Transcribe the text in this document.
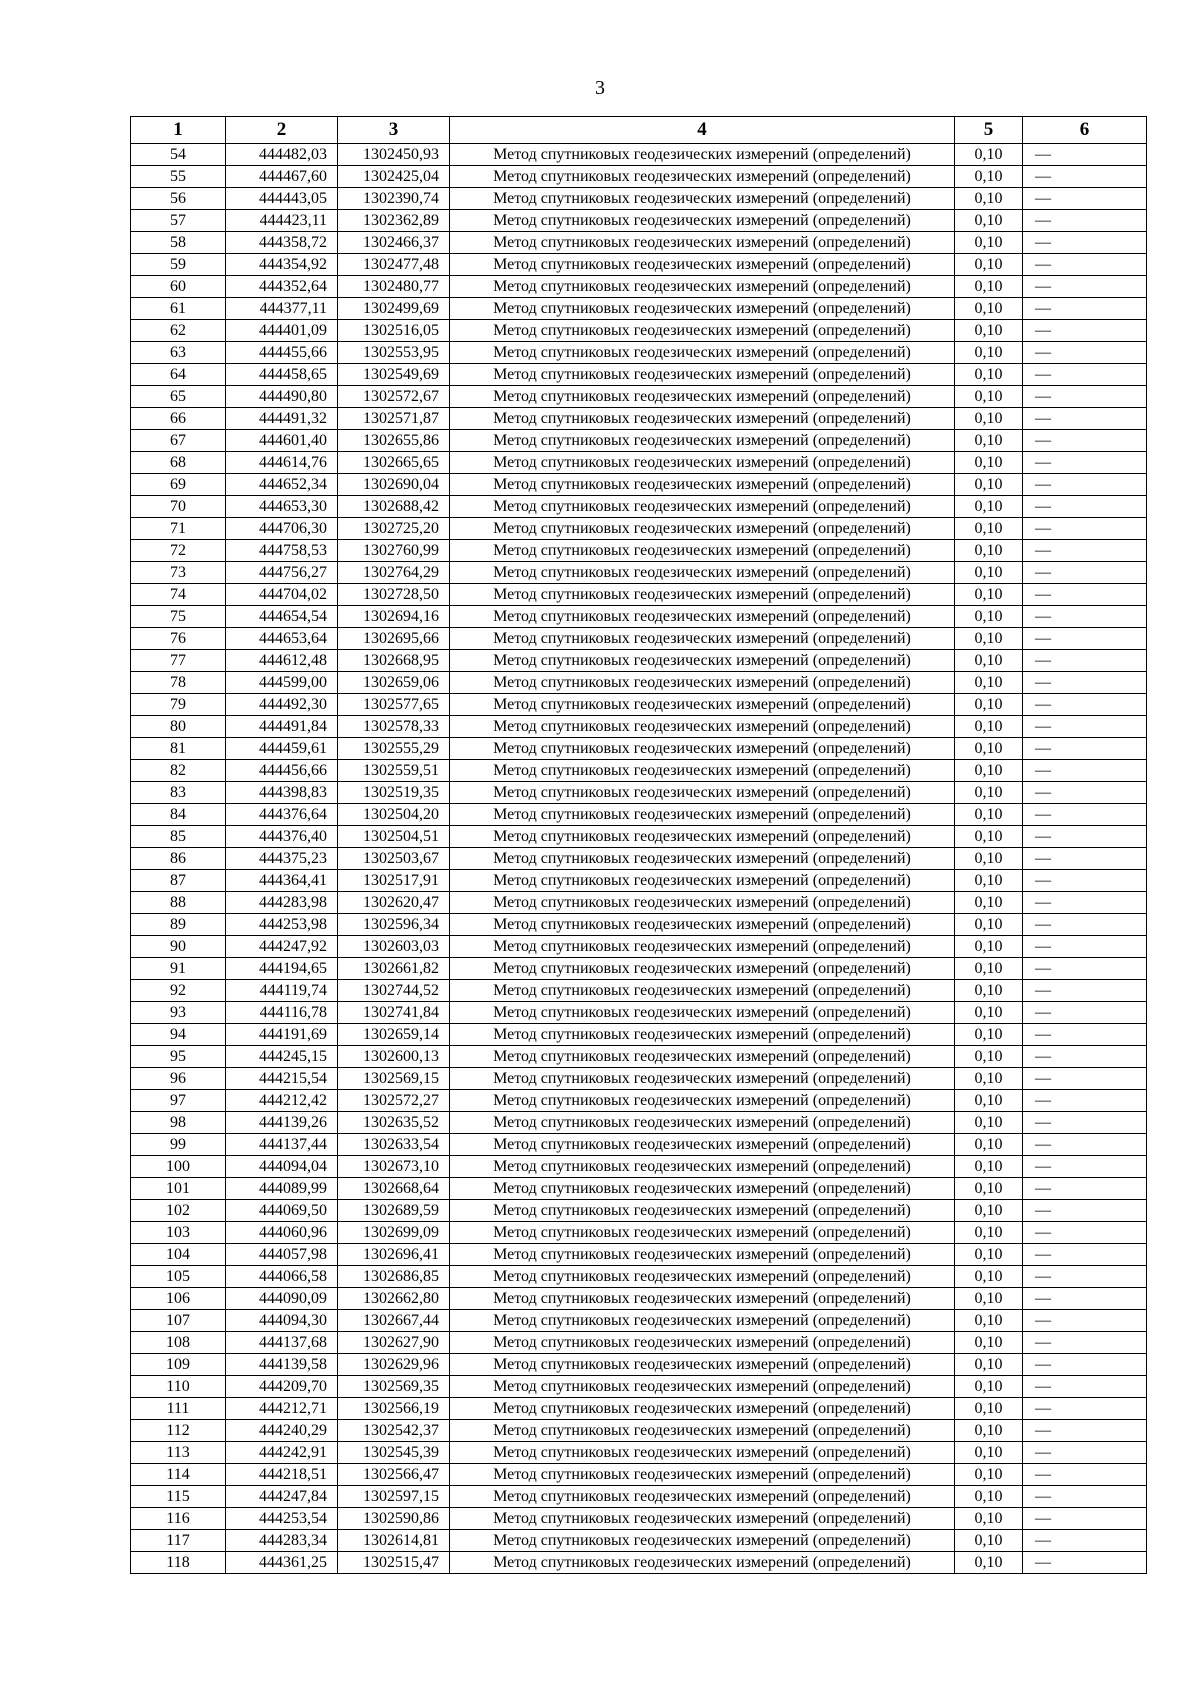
3
1	2	3	4	5	6
54	444482,03	1302450,93	Метод спутниковых геодезических измерений (определений)	0,10	—
55	444467,60	1302425,04	Метод спутниковых геодезических измерений (определений)	0,10	—
56	444443,05	1302390,74	Метод спутниковых геодезических измерений (определений)	0,10	—
57	444423,11	1302362,89	Метод спутниковых геодезических измерений (определений)	0,10	—
58	444358,72	1302466,37	Метод спутниковых геодезических измерений (определений)	0,10	—
59	444354,92	1302477,48	Метод спутниковых геодезических измерений (определений)	0,10	—
60	444352,64	1302480,77	Метод спутниковых геодезических измерений (определений)	0,10	—
61	444377,11	1302499,69	Метод спутниковых геодезических измерений (определений)	0,10	—
62	444401,09	1302516,05	Метод спутниковых геодезических измерений (определений)	0,10	—
63	444455,66	1302553,95	Метод спутниковых геодезических измерений (определений)	0,10	—
64	444458,65	1302549,69	Метод спутниковых геодезических измерений (определений)	0,10	—
65	444490,80	1302572,67	Метод спутниковых геодезических измерений (определений)	0,10	—
66	444491,32	1302571,87	Метод спутниковых геодезических измерений (определений)	0,10	—
67	444601,40	1302655,86	Метод спутниковых геодезических измерений (определений)	0,10	—
68	444614,76	1302665,65	Метод спутниковых геодезических измерений (определений)	0,10	—
69	444652,34	1302690,04	Метод спутниковых геодезических измерений (определений)	0,10	—
70	444653,30	1302688,42	Метод спутниковых геодезических измерений (определений)	0,10	—
71	444706,30	1302725,20	Метод спутниковых геодезических измерений (определений)	0,10	—
72	444758,53	1302760,99	Метод спутниковых геодезических измерений (определений)	0,10	—
73	444756,27	1302764,29	Метод спутниковых геодезических измерений (определений)	0,10	—
74	444704,02	1302728,50	Метод спутниковых геодезических измерений (определений)	0,10	—
75	444654,54	1302694,16	Метод спутниковых геодезических измерений (определений)	0,10	—
76	444653,64	1302695,66	Метод спутниковых геодезических измерений (определений)	0,10	—
77	444612,48	1302668,95	Метод спутниковых геодезических измерений (определений)	0,10	—
78	444599,00	1302659,06	Метод спутниковых геодезических измерений (определений)	0,10	—
79	444492,30	1302577,65	Метод спутниковых геодезических измерений (определений)	0,10	—
80	444491,84	1302578,33	Метод спутниковых геодезических измерений (определений)	0,10	—
81	444459,61	1302555,29	Метод спутниковых геодезических измерений (определений)	0,10	—
82	444456,66	1302559,51	Метод спутниковых геодезических измерений (определений)	0,10	—
83	444398,83	1302519,35	Метод спутниковых геодезических измерений (определений)	0,10	—
84	444376,64	1302504,20	Метод спутниковых геодезических измерений (определений)	0,10	—
85	444376,40	1302504,51	Метод спутниковых геодезических измерений (определений)	0,10	—
86	444375,23	1302503,67	Метод спутниковых геодезических измерений (определений)	0,10	—
87	444364,41	1302517,91	Метод спутниковых геодезических измерений (определений)	0,10	—
88	444283,98	1302620,47	Метод спутниковых геодезических измерений (определений)	0,10	—
89	444253,98	1302596,34	Метод спутниковых геодезических измерений (определений)	0,10	—
90	444247,92	1302603,03	Метод спутниковых геодезических измерений (определений)	0,10	—
91	444194,65	1302661,82	Метод спутниковых геодезических измерений (определений)	0,10	—
92	444119,74	1302744,52	Метод спутниковых геодезических измерений (определений)	0,10	—
93	444116,78	1302741,84	Метод спутниковых геодезических измерений (определений)	0,10	—
94	444191,69	1302659,14	Метод спутниковых геодезических измерений (определений)	0,10	—
95	444245,15	1302600,13	Метод спутниковых геодезических измерений (определений)	0,10	—
96	444215,54	1302569,15	Метод спутниковых геодезических измерений (определений)	0,10	—
97	444212,42	1302572,27	Метод спутниковых геодезических измерений (определений)	0,10	—
98	444139,26	1302635,52	Метод спутниковых геодезических измерений (определений)	0,10	—
99	444137,44	1302633,54	Метод спутниковых геодезических измерений (определений)	0,10	—
100	444094,04	1302673,10	Метод спутниковых геодезических измерений (определений)	0,10	—
101	444089,99	1302668,64	Метод спутниковых геодезических измерений (определений)	0,10	—
102	444069,50	1302689,59	Метод спутниковых геодезических измерений (определений)	0,10	—
103	444060,96	1302699,09	Метод спутниковых геодезических измерений (определений)	0,10	—
104	444057,98	1302696,41	Метод спутниковых геодезических измерений (определений)	0,10	—
105	444066,58	1302686,85	Метод спутниковых геодезических измерений (определений)	0,10	—
106	444090,09	1302662,80	Метод спутниковых геодезических измерений (определений)	0,10	—
107	444094,30	1302667,44	Метод спутниковых геодезических измерений (определений)	0,10	—
108	444137,68	1302627,90	Метод спутниковых геодезических измерений (определений)	0,10	—
109	444139,58	1302629,96	Метод спутниковых геодезических измерений (определений)	0,10	—
110	444209,70	1302569,35	Метод спутниковых геодезических измерений (определений)	0,10	—
111	444212,71	1302566,19	Метод спутниковых геодезических измерений (определений)	0,10	—
112	444240,29	1302542,37	Метод спутниковых геодезических измерений (определений)	0,10	—
113	444242,91	1302545,39	Метод спутниковых геодезических измерений (определений)	0,10	—
114	444218,51	1302566,47	Метод спутниковых геодезических измерений (определений)	0,10	—
115	444247,84	1302597,15	Метод спутниковых геодезических измерений (определений)	0,10	—
116	444253,54	1302590,86	Метод спутниковых геодезических измерений (определений)	0,10	—
117	444283,34	1302614,81	Метод спутниковых геодезических измерений (определений)	0,10	—
118	444361,25	1302515,47	Метод спутниковых геодезических измерений (определений)	0,10	—
